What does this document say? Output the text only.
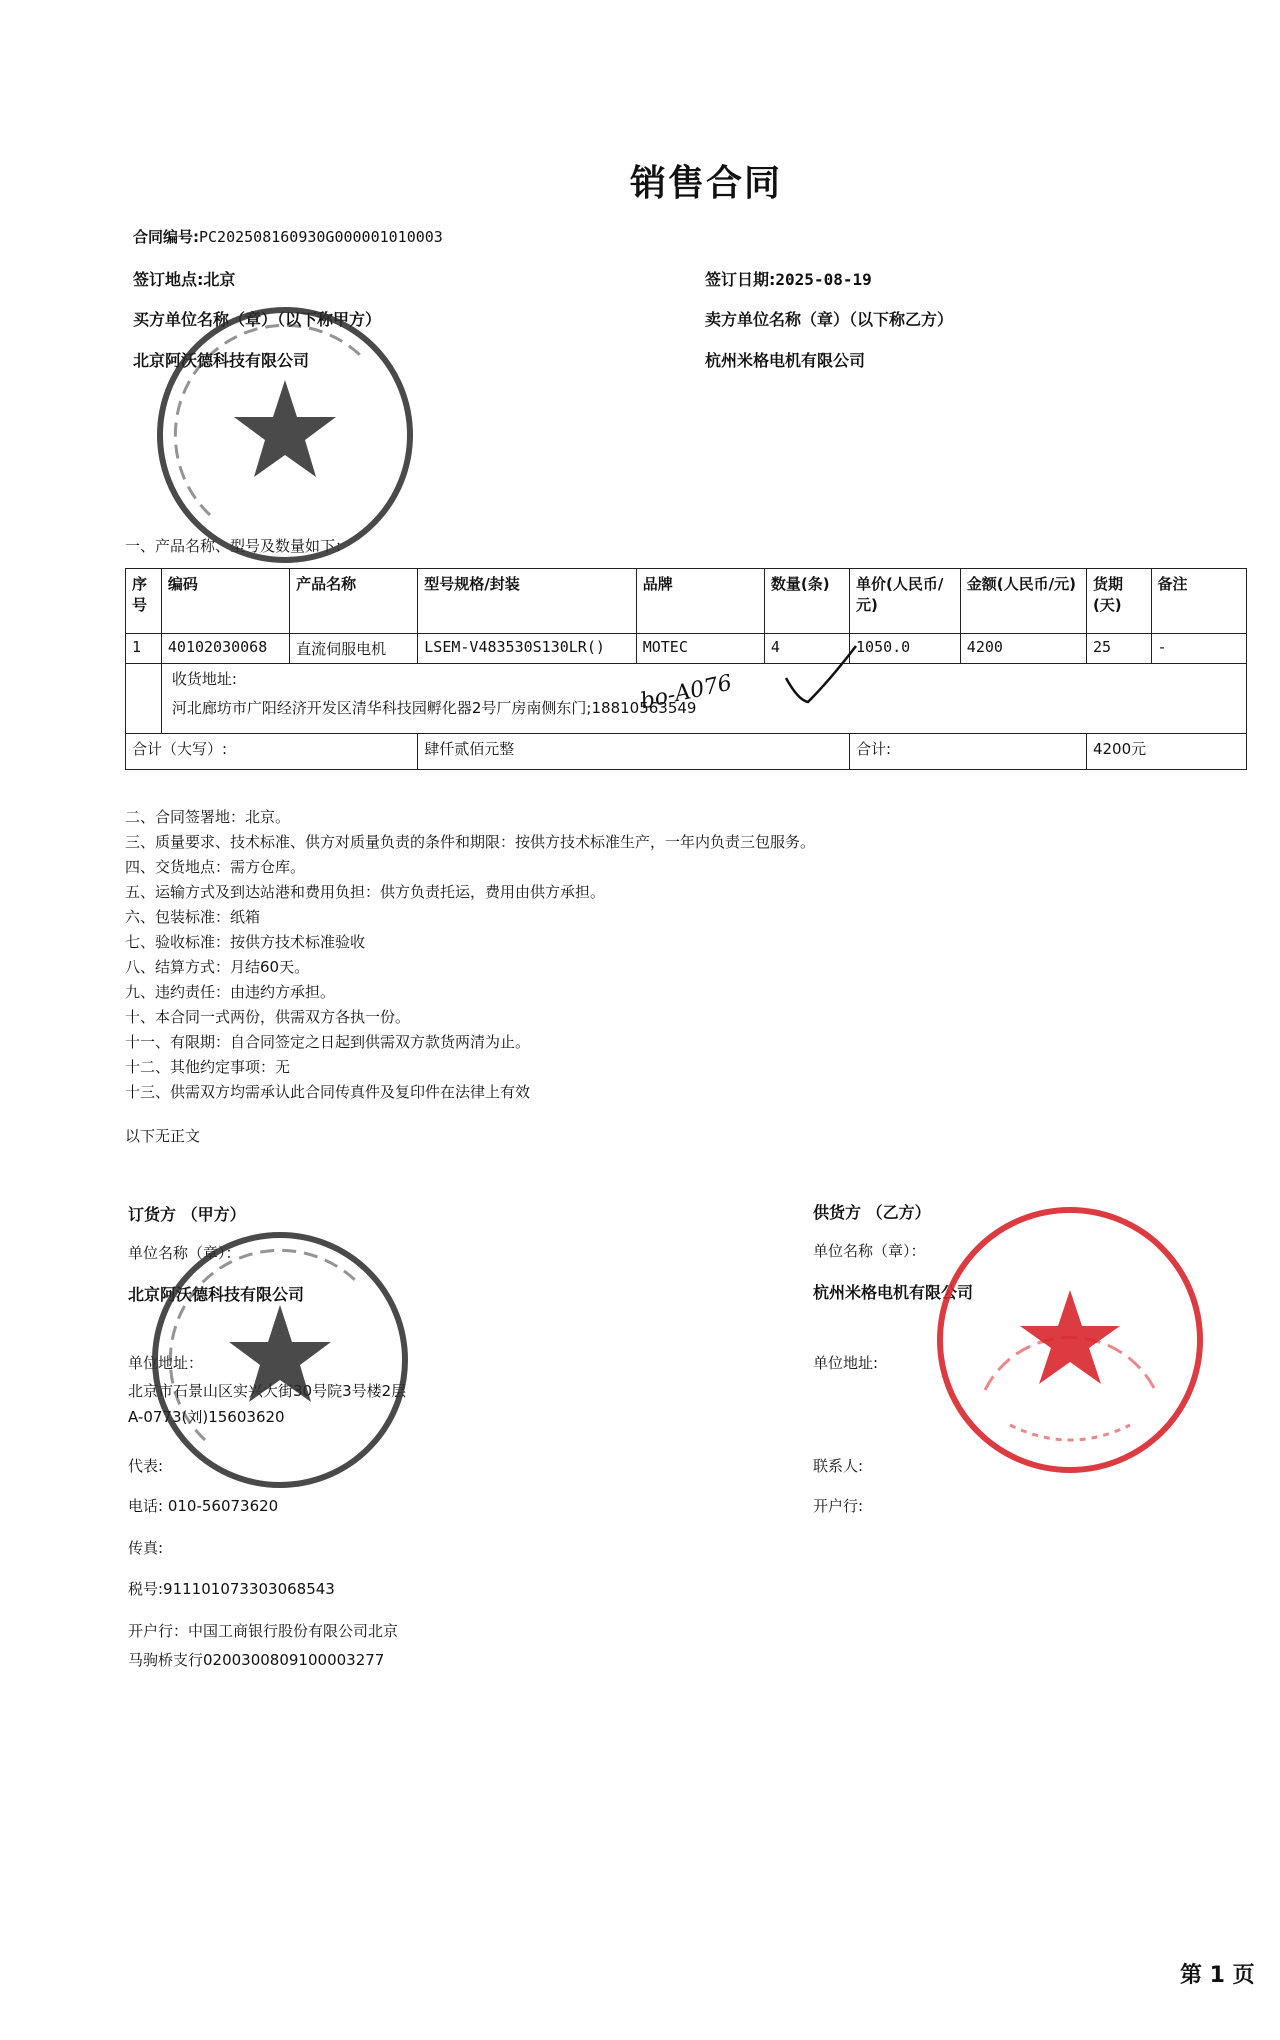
销售合同
合同编号:PC202508160930G000001010003
签订地点:北京	签订日期:2025-08-19
买方单位名称（章）（以下称甲方）	卖方单位名称（章）（以下称乙方）
北京阿沃德科技有限公司	杭州米格电机有限公司
一、产品名称、型号及数量如下：
序号	编码	产品名称	型号规格/封装	品牌	数量(条)	单价(人民币/元)	金额(人民币/元)	货期(天)	备注
1	40102030068	直流伺服电机	LSEM-V483530S130LR()	MOTEC	4	1050.0	4200	25	-

	收货地址:
河北廊坊市广阳经济开发区清华科技园孵化器2号厂房南侧东门;18810563549								

合计（大写）:			肆仟贰佰元整			合计:		4200元	
bo-A076
二、合同签署地：北京。
三、质量要求、技术标准、供方对质量负责的条件和期限：按供方技术标准生产，一年内负责三包服务。
四、交货地点：需方仓库。
五、运输方式及到达站港和费用负担：供方负责托运，费用由供方承担。
六、包装标准：纸箱
七、验收标准：按供方技术标准验收
八、结算方式：月结60天。
九、违约责任：由违约方承担。
十、本合同一式两份，供需双方各执一份。
十一、有限期：自合同签定之日起到供需双方款货两清为止。
十二、其他约定事项：无
十三、供需双方均需承认此合同传真件及复印件在法律上有效
以下无正文
订货方 （甲方）
单位名称（章）：
北京阿沃德科技有限公司
单位地址：
北京市石景山区实兴大街30号院3号楼2层A-0773(刘)15603620
代表:
电话: 010-56073620
传真:
税号:911101073303068543
开户行：中国工商银行股份有限公司北京马驹桥支行0200300809100003277
供货方 （乙方）
单位名称（章）：
杭州米格电机有限公司
单位地址:
联系人:
开户行:
第 1 页
